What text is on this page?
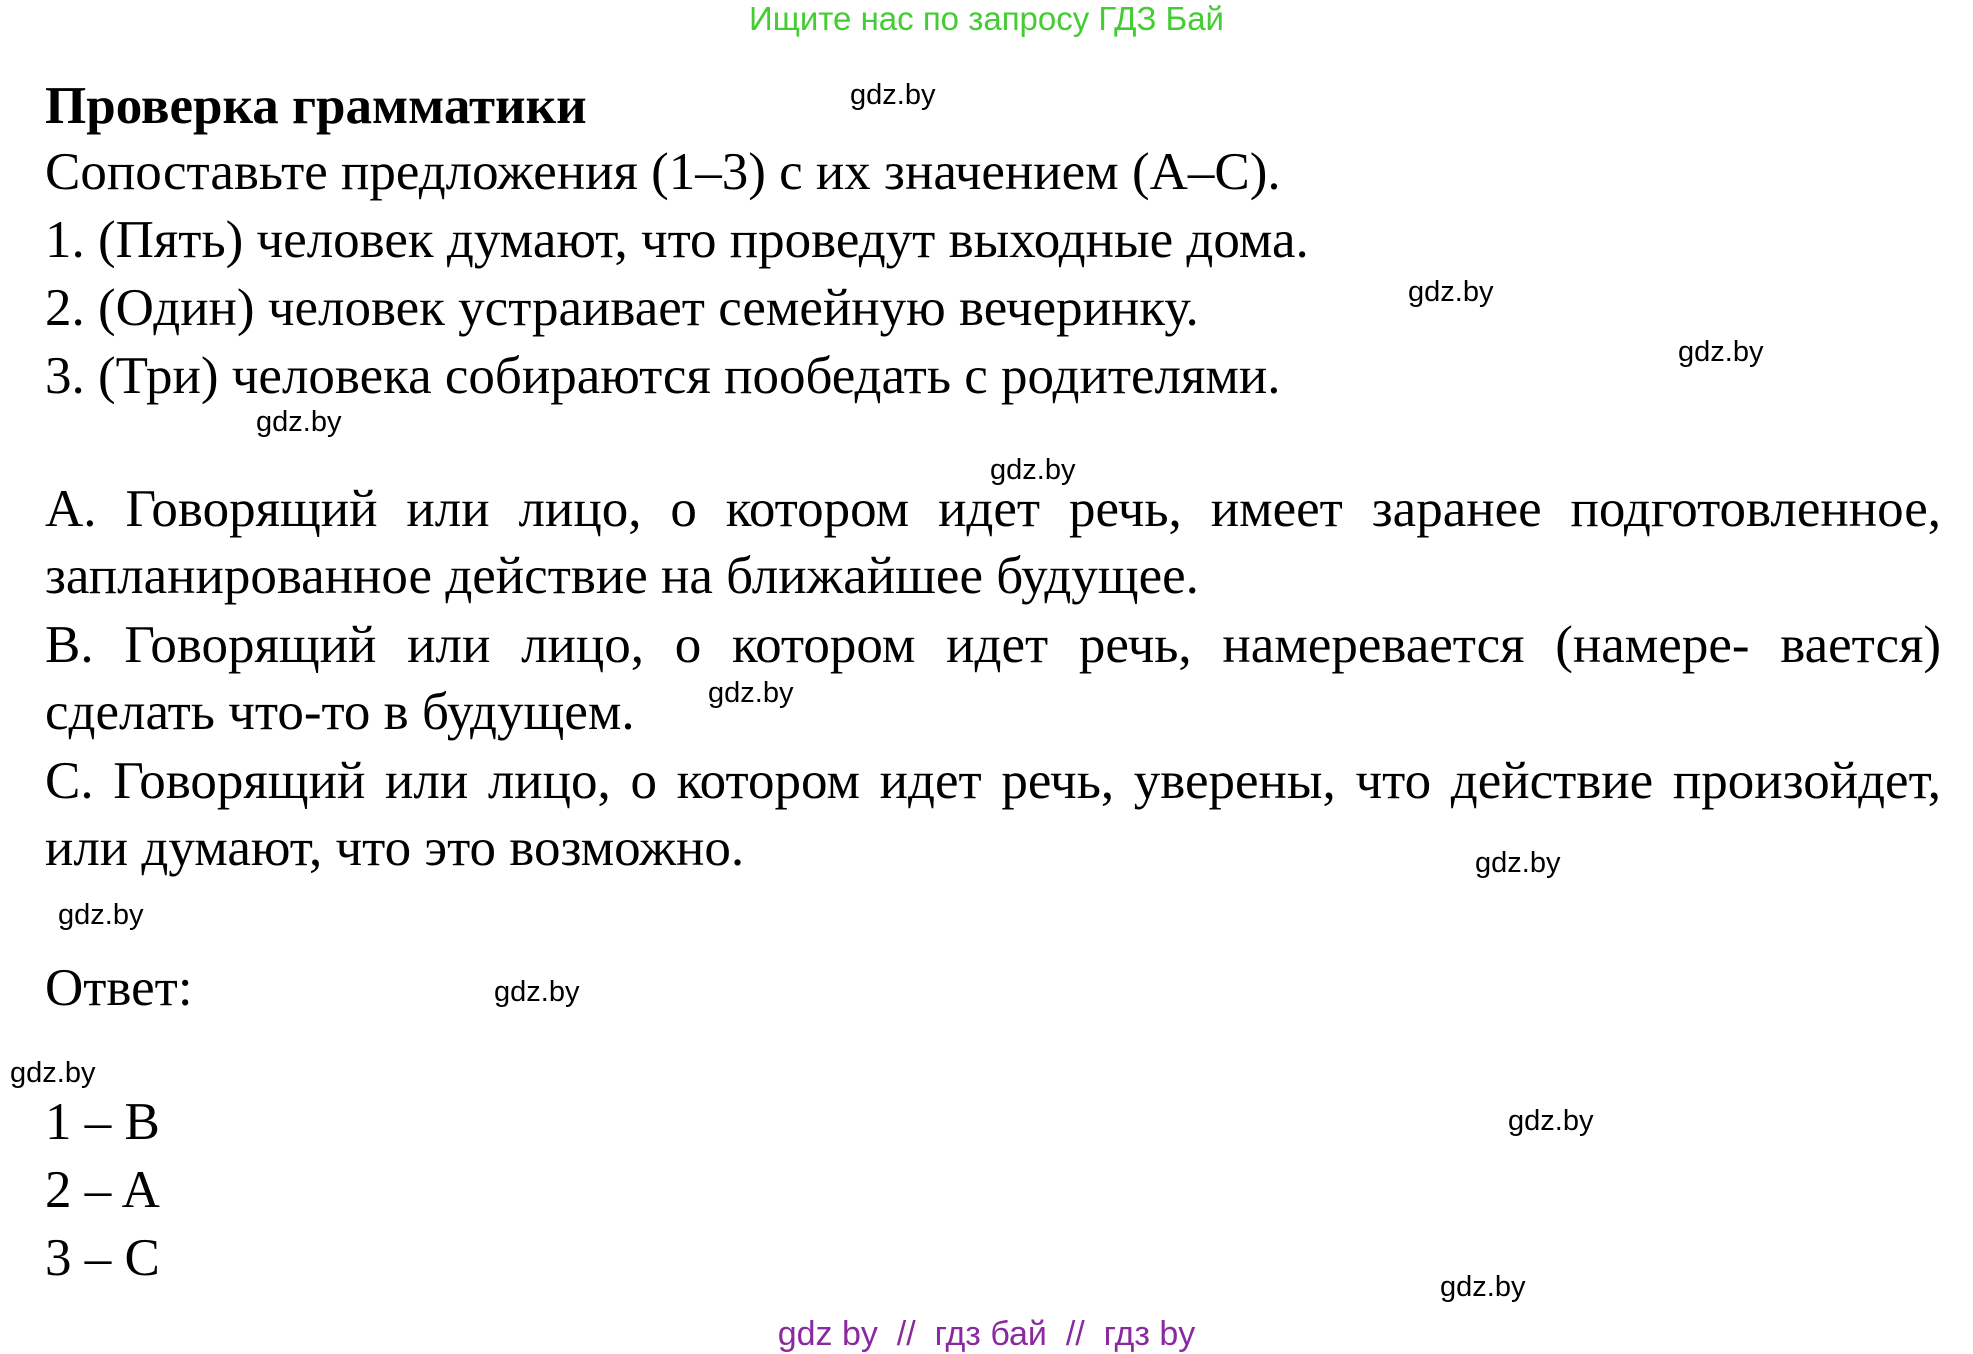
Ищите нас по запросу ГДЗ Бай
Проверка грамматики
Сопоставьте предложения (1–3) с их значением (A–C).
1. (Пять) человек думают, что проведут выходные дома.
2. (Один) человек устраивает семейную вечеринку.
3. (Три) человека собираются пообедать с родителями.
A. Говорящий или лицо, о котором идет речь, имеет заранее подготовленное, запланированное действие на ближайшее будущее.
B. Говорящий или лицо, о котором идет речь, намеревается (намере- вается) сделать что-то в будущем.
C. Говорящий или лицо, о котором идет речь, уверены, что действие произойдет, или думают, что это возможно.
Ответ:
1 – B
2 – A
3 – C
gdz.by
gdz.by
gdz.by
gdz.by
gdz.by
gdz.by
gdz.by
gdz.by
gdz.by
gdz.by
gdz.by
gdz.by
gdz by  //  гдз бай  //  гдз by
